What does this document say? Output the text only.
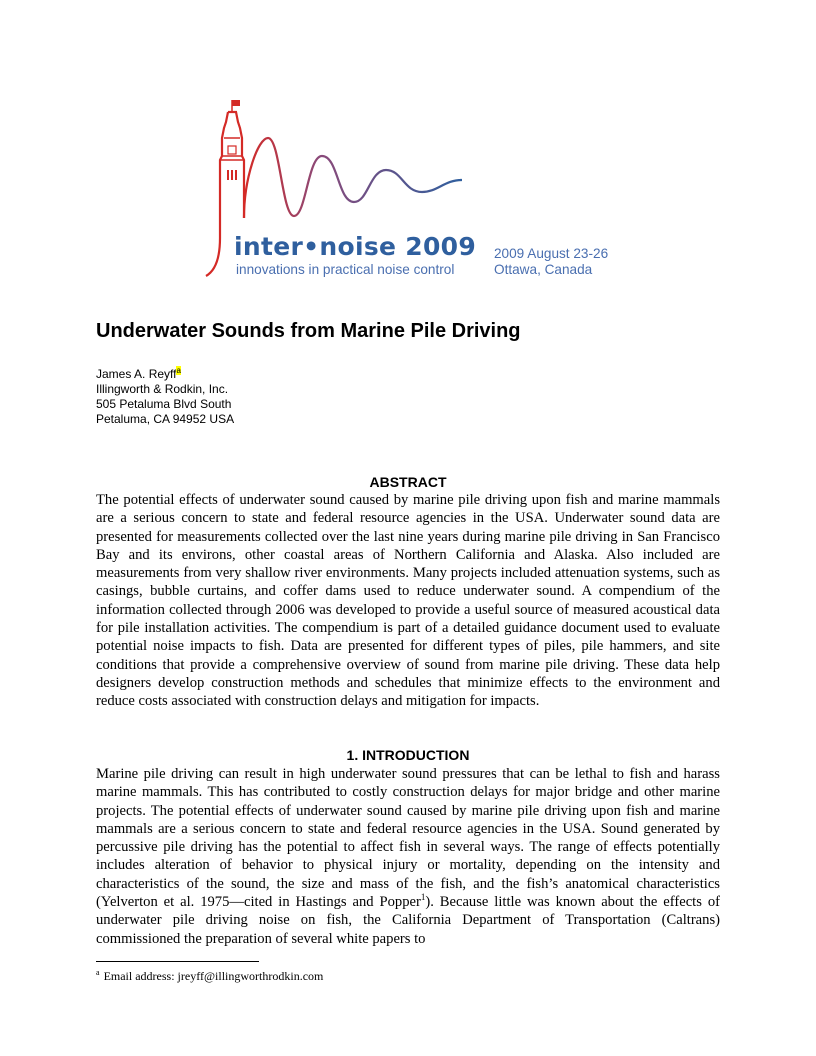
inter•noise 2009
innovations in practical noise control
2009 August 23-26
Ottawa, Canada
Underwater Sounds from Marine Pile Driving
James A. Reyff$^a$
Illingworth & Rodkin, Inc.
505 Petaluma Blvd South
Petaluma, CA 94952 USA
ABSTRACT

The potential effects of underwater sound caused by marine pile driving upon fish and marine mammals are a serious concern to state and federal resource agencies in the USA. Underwater sound data are presented for measurements collected over the last nine years during marine pile driving in San Francisco Bay and its environs, other coastal areas of Northern California and Alaska. Also included are measurements from very shallow river environments. Many projects included attenuation systems, such as casings, bubble curtains, and coffer dams used to reduce underwater sound. A compendium of the information collected through 2006 was developed to provide a useful source of measured acoustical data for pile installation activities. The compendium is part of a detailed guidance document used to evaluate potential noise impacts to fish. Data are presented for different types of piles, pile hammers, and site conditions that provide a comprehensive overview of sound from marine pile driving. These data help designers develop construction methods and schedules that minimize effects to the environment and reduce costs associated with construction delays and mitigation for impacts.

1. INTRODUCTION

Marine pile driving can result in high underwater sound pressures that can be lethal to fish and harass marine mammals. This has contributed to costly construction delays for major bridge and other marine projects. The potential effects of underwater sound caused by marine pile driving upon fish and marine mammals are a serious concern to state and federal resource agencies in the USA. Sound generated by percussive pile driving has the potential to affect fish in several ways. The range of effects potentially includes alteration of behavior to physical injury or mortality, depending on the intensity and characteristics of the sound, the size and mass of the fish, and the fish’s anatomical characteristics (Yelverton et al. 1975—cited in Hastings and Popper$^1$). Because little was known about the effects of underwater pile driving noise on fish, the California Department of Transportation (Caltrans) commissioned the preparation of several white papers to

$^a$ Email address: jreyff@illingworthrodkin.com
